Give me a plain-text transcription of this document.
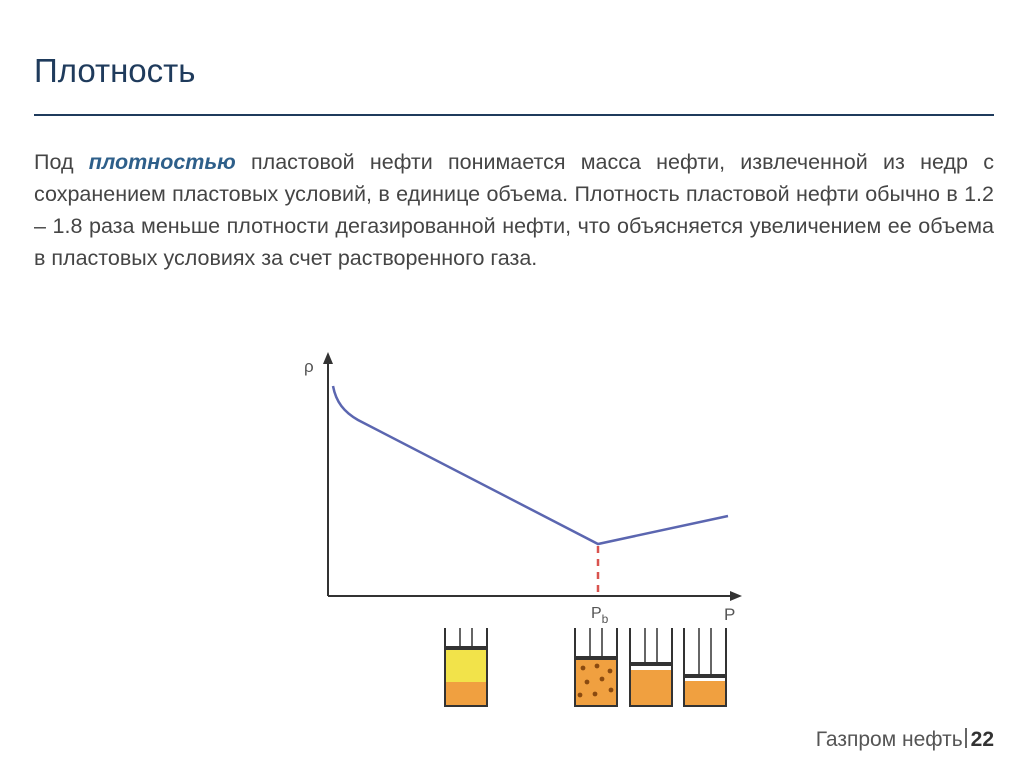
Плотность
Под плотностью пластовой нефти понимается масса нефти, извлеченной из недр с сохранением пластовых условий, в единице объема. Плотность пластовой нефти обычно в 1.2 – 1.8 раза меньше плотности дегазированной нефти, что объясняется увеличением ее объема в пластовых условиях за счет растворенного газа.
ρ
P
$P_b$
Газпром нефть 22
